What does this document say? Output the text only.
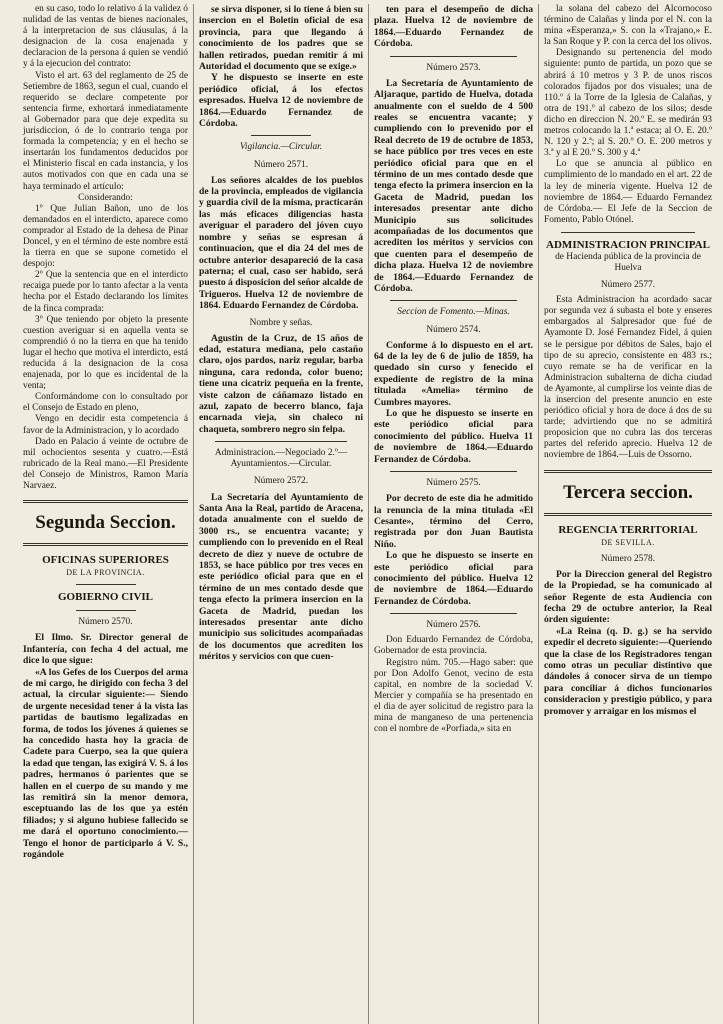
en su caso, todo lo relativo á la validez ó nulidad de las ventas de bienes nacionales, á la interpretacion de sus cláusulas, á la designacion de la cosa enajenada y declaracion de la persona á quien se vendió y á la ejecucion del contrato:

Visto el art. 63 del reglamento de 25 de Setiembre de 1863, segun el cual, cuando el requerido se declare competente por sentencia firme, exhortará inmediatamente al Gobernador para que deje expedita su jurisdiccion, ó de lo contrario tenga por formada la competencia; y en el hecho se insertarán los fundamentos deducidos por el Ministerio fiscal en cada instancia, y los autos motivados con que en cada una se haya terminado el artículo:

Considerando:

1º Que Julian Bañon, uno de los demandados en el interdicto, aparece como comprador al Estado de la dehesa de Pinar Doncel, y en el término de este nombre está la tierra en que se supone cometido el despojo:

2º Que la sentencia que en el interdicto recaiga puede por lo tanto afectar a la venta hecha por el Estado declarando los límites de la finca comprada:

3º Que teniendo por objeto la presente cuestion averiguar si en aquella venta se comprendió ó no la tierra en que ha tenido lugar el hecho que motiva el interdicto, está reducida á la designacion de la cosa enajenada, por lo que es incidental de la venta;

Conformándome con lo consultado por el Consejo de Estado en pleno,

Vengo en decidir esta competencia á favor de la Administracion, y lo acordado

Dado en Palacio á veinte de octubre de mil ochocientos sesenta y cuatro.—Está rubricado de la Real mano.—El Presidente del Consejo de Ministros, Ramon María Narvaez.

Segunda Seccion.
OFICINAS SUPERIORES
DE LA PROVINCIA.
GOBIERNO CIVIL

Número 2570.

El Ilmo. Sr. Director general de Infantería, con fecha 4 del actual, me dice lo que sigue:

«A los Gefes de los Cuerpos del arma de mi cargo, he dirigido con fecha 3 del actual, la circular siguiente:— Siendo de urgente necesidad tener á la vista las partidas de bautismo legalizadas en forma, de todos los jóvenes á quienes se ha concedido hasta hoy la gracia de Cadete para Cuerpo, sea la que quiera la edad que tengan, las exigirá V. S. á los padres, hermanos ó parientes que se hallen en el cuerpo de su mando y me las remitirá sin la menor demora, esceptuando las de los que ya estén filiados; y si alguno hubiese fallecido se me dará el oportuno conocimiento.—Tengo el honor de participarlo á V. S., rogándole

se sirva disponer, si lo tiene á bien su insercion en el Boletin oficial de esa provincia, para que llegando á conocimiento de los padres que se hallen retirados, puedan remitir á mi Autoridad el documento que se exige.»

Y he dispuesto se inserte en este periódico oficial, á los efectos espresados. Huelva 12 de noviembre de 1864.—Eduardo Fernandez de Córdoba.

Vigilancia.—Circular.

Número 2571.

Los señores alcaldes de los pueblos de la provincia, empleados de vigilancia y guardia civil de la misma, practicarán las más eficaces diligencias hasta averiguar el paradero del jóven cuyo nombre y señas se espresan á continuacion, que el dia 24 del mes de octubre anterior desapareció de la casa paterna; el cual, caso ser habido, será puesto á disposicion del señor alcalde de Trigueros. Huelva 12 de noviembre de 1864. Eduardo Fernandez de Córdoba.

Nombre y señas.

Agustin de la Cruz, de 15 años de edad, estatura mediana, pelo castaño claro, ojos pardos, nariz regular, barba ninguna, cara redonda, color bueno; tiene una cicatriz pequeña en la frente, viste calzon de cáñamazo listado en azul, zapato de becerro blanco, faja encarnada vieja, sin chaleco ni chaqueta, sombrero negro sin felpa.

Administracion.—Negociado 2.º— Ayuntamientos.—Circular.

Número 2572.

La Secretaría del Ayuntamiento de Santa Ana la Real, partido de Aracena, dotada anualmente con el sueldo de 3000 rs., se encuentra vacante; y cumpliendo con lo prevenido en el Real decreto de diez y nueve de octubre de 1853, se hace público por tres veces en este periódico oficial para que en el término de un mes contado desde que tenga efecto la primera insercion en la Gaceta de Madrid, puedan los interesados presentar ante dicho municipio sus solicitudes acompañadas de los documentos que acrediten los méritos y servicios con que cuen-

ten para el desempeño de dicha plaza. Huelva 12 de noviembre de 1864.—Eduardo Fernandez de Córdoba.

Número 2573.

La Secretaría de Ayuntamiento de Aljaraque, partido de Huelva, dotada anualmente con el sueldo de 4 500 reales se encuentra vacante; y cumpliendo con lo prevenido por el Real decreto de 19 de octubre de 1853, se hace público por tres veces en este periódico oficial para que en el término de un mes contado desde que tenga efecto la primera insercion en la Gaceta de Madrid, puedan los interesados presentar ante dicho Municipio sus solicitudes acompañadas de los documentos que acrediten los méritos y servicios con que cuenten para el desempeño de dicha plaza. Huelva 12 de noviembre de 1864.—Eduardo Fernandez de Córdoba.

Seccion de Fomento.—Minas.

Número 2574.

Conforme á lo dispuesto en el art. 64 de la ley de 6 de julio de 1859, ha quedado sin curso y fenecido el expediente de registro de la mina titulada «Amelia» término de Cumbres mayores.

Lo que he dispuesto se inserte en este periódico oficial para conocimiento del público. Huelva 11 de noviembre de 1864.—Eduardo Fernandez de Córdoba.

Número 2575.

Por decreto de este dia he admitido la renuncia de la mina titulada «El Cesante», término del Cerro, registrada por don Juan Bautista Niño.

Lo que he dispuesto se inserte en este periódico oficial para conocimiento del público. Huelva 12 de noviembre de 1864.—Eduardo Fernandez de Córdoba.

Número 2576.

Don Eduardo Fernandez de Córdoba, Gobernador de esta provincia.

Registro núm. 705.—Hago saber: que por Don Adolfo Genot, vecino de esta capital, en nombre de la sociedad V. Mercier y compañía se ha presentado en el dia de ayer solicitud de registro para la mina de manganeso de una pertenencia con el nombre de «Porfiada,» sita en

la solana del cabezo del Alcornocoso término de Calañas y linda por el N. con la mina «Esperanza,» S. con la «Trajano,» E. la San Roque y P. con la cerca del los olivos.

Designando su pertenencia del modo siguiente: punto de partida, un pozo que se abrirá á 10 metros y 3 P. de unos riscos colorados fijados por dos visuales; una de 110.º á la Torre de la Iglesia de Calañas, y otra de 191.º al cabezo de los silos; desde dicho en direccion N. 20.º E. se medirán 93 metros colocando la 1.ª estaca; al O. E. 20.º N. 120 y 2.ª; al S. 20.º O. E. 200 metros y 3.ª y al E 20.º S. 300 y 4.ª

Lo que se anuncia al público en cumplimiento de lo mandado en el art. 22 de la ley de minería vigente. Huelva 12 de noviembre de 1864.— Eduardo Fernandez de Córdoba.— El Jefe de la Seccion de Fomento, Pablo Otónel.

ADMINISTRACION PRINCIPAL

de Hacienda pública de la provincia de Huelva

Número 2577.

Esta Administracion ha acordado sacar por segunda vez á subasta el bote y enseres embargados al Salpresador que fué de Ayamonte D. José Fernandez Fidel, á quien se le persigue por débitos de Sales, bajo el tipo de su aprecio, consistente en 483 rs.; cuyo remate se ha de verificar en la Administracion subalterna de dicha ciudad de Ayamonte, al cumplirse los veinte dias de la insercion del presente anuncio en este periódico oficial y hora de doce á dos de su tarde; advirtiendo que no se admitirá proposicion que no cubra las dos terceras partes del referido aprecio. Huelva 12 de noviembre de 1864.—Luis de Ossorno.

Tercera seccion.
REGENCIA TERRITORIAL
DE SEVILLA.

Número 2578.

Por la Direccion general del Registro de la Propiedad, se ha comunicado al señor Regente de esta Audiencia con fecha 29 de octubre anterior, la Real órden siguiente:

«La Reina (q. D. g.) se ha servido expedir el decreto siguiente:—Queriendo que la clase de los Registradores tengan como otras un peculiar distintivo que dándoles á conocer sirva de un tiempo para conciliar á dichos funcionarios consideracion y prestigio público, y para promover y arraigar en los mismos el
